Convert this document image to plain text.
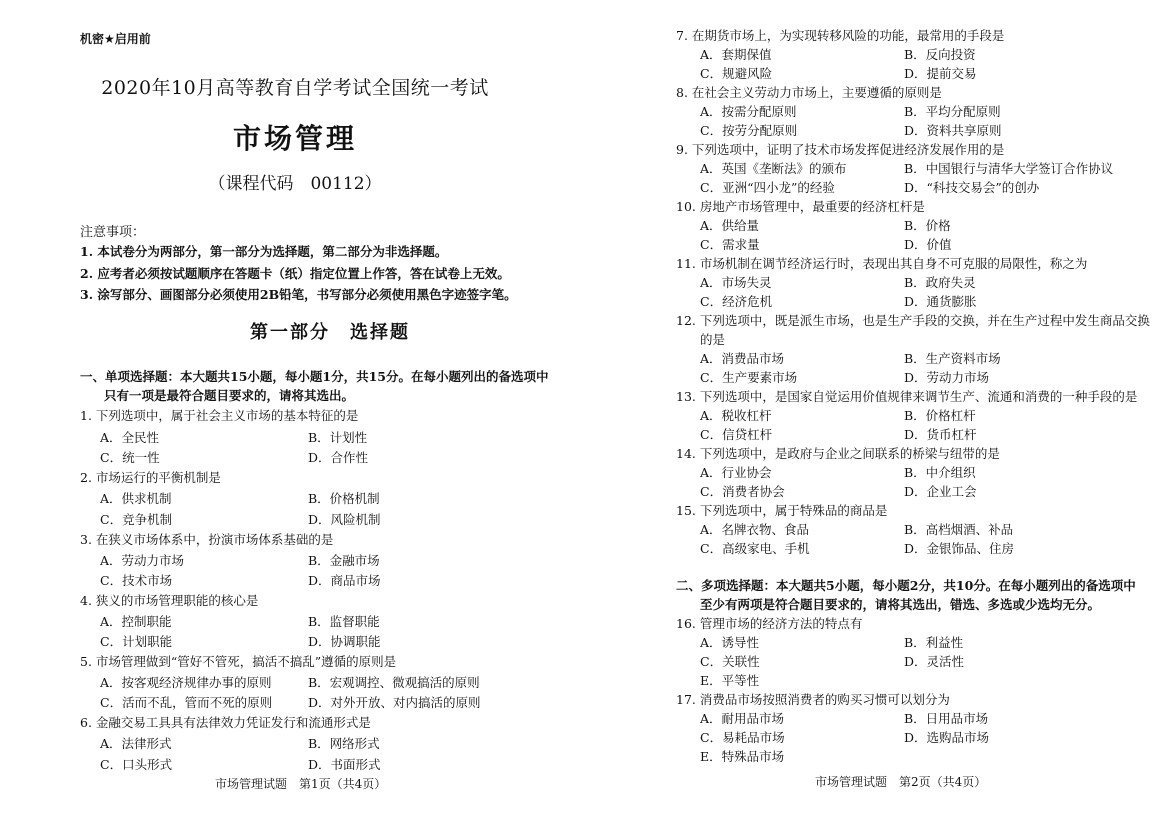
机密★启用前
2020年10月高等教育自学考试全国统一考试
市场管理
（课程代码　00112）
注意事项：
1. 本试卷分为两部分，第一部分为选择题，第二部分为非选择题。
2. 应考者必须按试题顺序在答题卡（纸）指定位置上作答，答在试卷上无效。
3. 涂写部分、画图部分必须使用2B铅笔，书写部分必须使用黑色字迹签字笔。
第一部分　选择题
一、单项选择题：本大题共15小题，每小题1分，共15分。在每小题列出的备选项中
只有一项是最符合题目要求的，请将其选出。
1. 下列选项中，属于社会主义市场的基本特征的是
A．全民性	B．计划性
C．统一性	D．合作性
2. 市场运行的平衡机制是
A．供求机制	B．价格机制
C．竞争机制	D．风险机制
3. 在狭义市场体系中，扮演市场体系基础的是
A．劳动力市场	B．金融市场
C．技术市场	D．商品市场
4. 狭义的市场管理职能的核心是
A．控制职能	B．监督职能
C．计划职能	D．协调职能
5. 市场管理做到“管好不管死，搞活不搞乱”遵循的原则是
A．按客观经济规律办事的原则	B．宏观调控、微观搞活的原则
C．活而不乱，管而不死的原则	D．对外开放、对内搞活的原则
6. 金融交易工具具有法律效力凭证发行和流通形式是
A．法律形式	B．网络形式
C．口头形式	D．书面形式
市场管理试题　第1页（共4页）
7. 在期货市场上，为实现转移风险的功能，最常用的手段是
A．套期保值	B．反向投资
C．规避风险	D．提前交易
8. 在社会主义劳动力市场上，主要遵循的原则是
A．按需分配原则	B．平均分配原则
C．按劳分配原则	D．资料共享原则
9. 下列选项中，证明了技术市场发挥促进经济发展作用的是
A．英国《垄断法》的颁布	B．中国银行与清华大学签订合作协议
C．亚洲“四小龙”的经验	D．“科技交易会”的创办
10. 房地产市场管理中，最重要的经济杠杆是
A．供给量	B．价格
C．需求量	D．价值
11. 市场机制在调节经济运行时，表现出其自身不可克服的局限性，称之为
A．市场失灵	B．政府失灵
C．经济危机	D．通货膨胀
12. 下列选项中，既是派生市场，也是生产手段的交换，并在生产过程中发生商品交换
的是
A．消费品市场	B．生产资料市场
C．生产要素市场	D．劳动力市场
13. 下列选项中，是国家自觉运用价值规律来调节生产、流通和消费的一种手段的是
A．税收杠杆	B．价格杠杆
C．信贷杠杆	D．货币杠杆
14. 下列选项中，是政府与企业之间联系的桥梁与纽带的是
A．行业协会	B．中介组织
C．消费者协会	D．企业工会
15. 下列选项中，属于特殊品的商品是
A．名牌衣物、食品	B．高档烟酒、补品
C．高级家电、手机	D．金银饰品、住房
二、多项选择题：本大题共5小题，每小题2分，共10分。在每小题列出的备选项中
至少有两项是符合题目要求的，请将其选出，错选、多选或少选均无分。
16. 管理市场的经济方法的特点有
A．诱导性	B．利益性
C．关联性	D．灵活性
E．平等性
17. 消费品市场按照消费者的购买习惯可以划分为
A．耐用品市场	B．日用品市场
C．易耗品市场	D．选购品市场
E．特殊品市场
市场管理试题　第2页（共4页）
